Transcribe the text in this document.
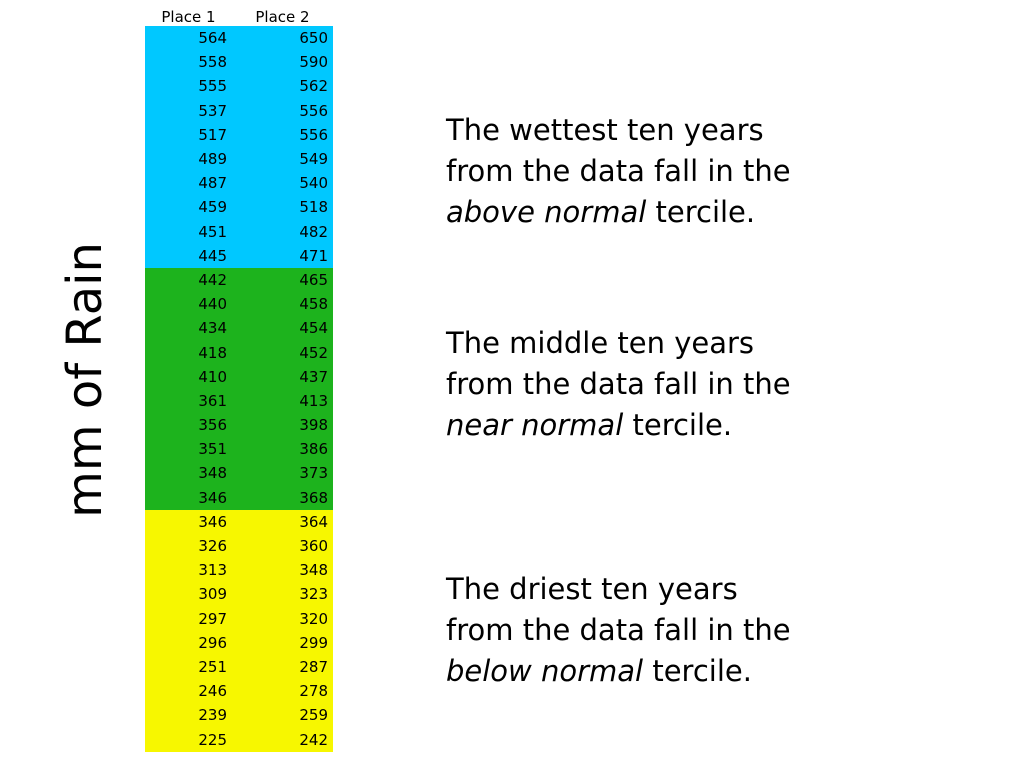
mm of Rain
Place 1	Place 2
564	650
558	590
555	562
537	556
517	556
489	549
487	540
459	518
451	482
445	471
442	465
440	458
434	454
418	452
410	437
361	413
356	398
351	386
348	373
346	368
346	364
326	360
313	348
309	323
297	320
296	299
251	287
246	278
239	259
225	242

The wettest ten years
from the data fall in the
above normal tercile.

The middle ten years
from the data fall in the
near normal tercile.

The driest ten years
from the data fall in the
below normal tercile.
